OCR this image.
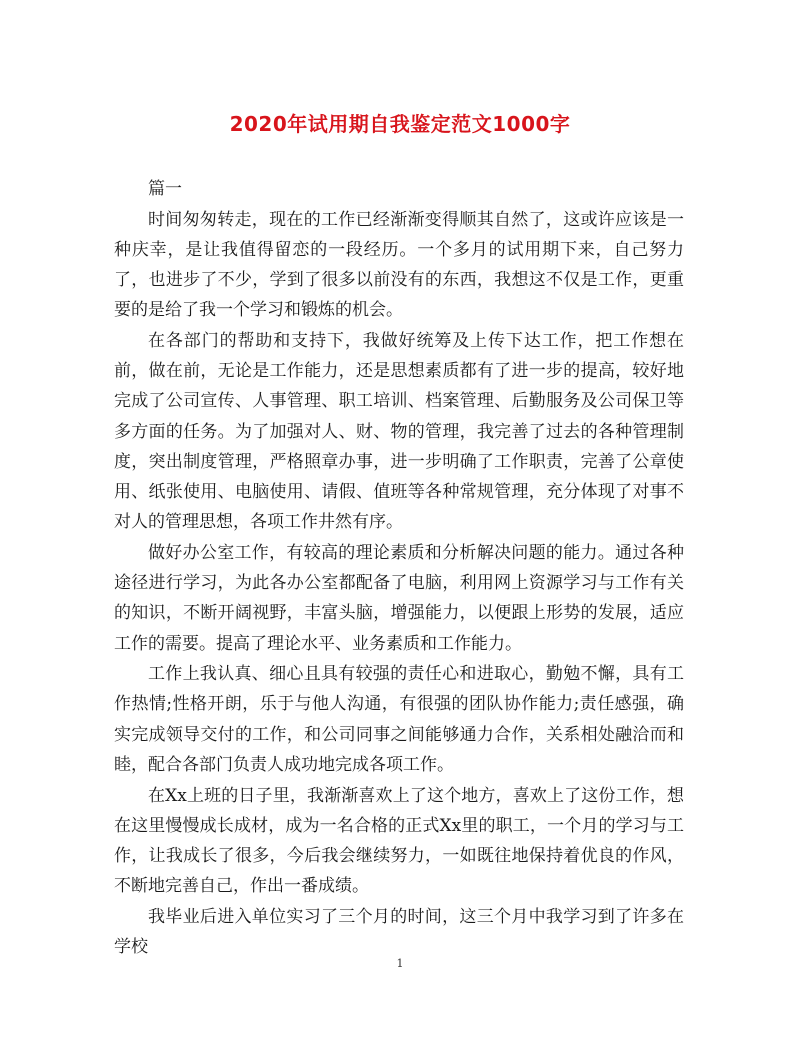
2020年试用期自我鉴定范文1000字

篇一

时间匆匆转走，现在的工作已经渐渐变得顺其自然了，这或许应该是一种庆幸，是让我值得留恋的一段经历。一个多月的试用期下来，自己努力了，也进步了不少，学到了很多以前没有的东西，我想这不仅是工作，更重要的是给了我一个学习和锻炼的机会。

在各部门的帮助和支持下，我做好统筹及上传下达工作，把工作想在前，做在前，无论是工作能力，还是思想素质都有了进一步的提高，较好地完成了公司宣传、人事管理、职工培训、档案管理、后勤服务及公司保卫等多方面的任务。为了加强对人、财、物的管理，我完善了过去的各种管理制度，突出制度管理，严格照章办事，进一步明确了工作职责，完善了公章使用、纸张使用、电脑使用、请假、值班等各种常规管理，充分体现了对事不对人的管理思想，各项工作井然有序。

做好办公室工作，有较高的理论素质和分析解决问题的能力。通过各种途径进行学习，为此各办公室都配备了电脑，利用网上资源学习与工作有关的知识，不断开阔视野，丰富头脑，增强能力，以便跟上形势的发展，适应工作的需要。提高了理论水平、业务素质和工作能力。

工作上我认真、细心且具有较强的责任心和进取心，勤勉不懈，具有工作热情;性格开朗，乐于与他人沟通，有很强的团队协作能力;责任感强，确实完成领导交付的工作，和公司同事之间能够通力合作，关系相处融洽而和睦，配合各部门负责人成功地完成各项工作。

在Xx上班的日子里，我渐渐喜欢上了这个地方，喜欢上了这份工作，想在这里慢慢成长成材，成为一名合格的正式Xx里的职工，一个月的学习与工作，让我成长了很多，今后我会继续努力，一如既往地保持着优良的作风，不断地完善自己，作出一番成绩。

我毕业后进入单位实习了三个月的时间，这三个月中我学习到了许多在学校

1
